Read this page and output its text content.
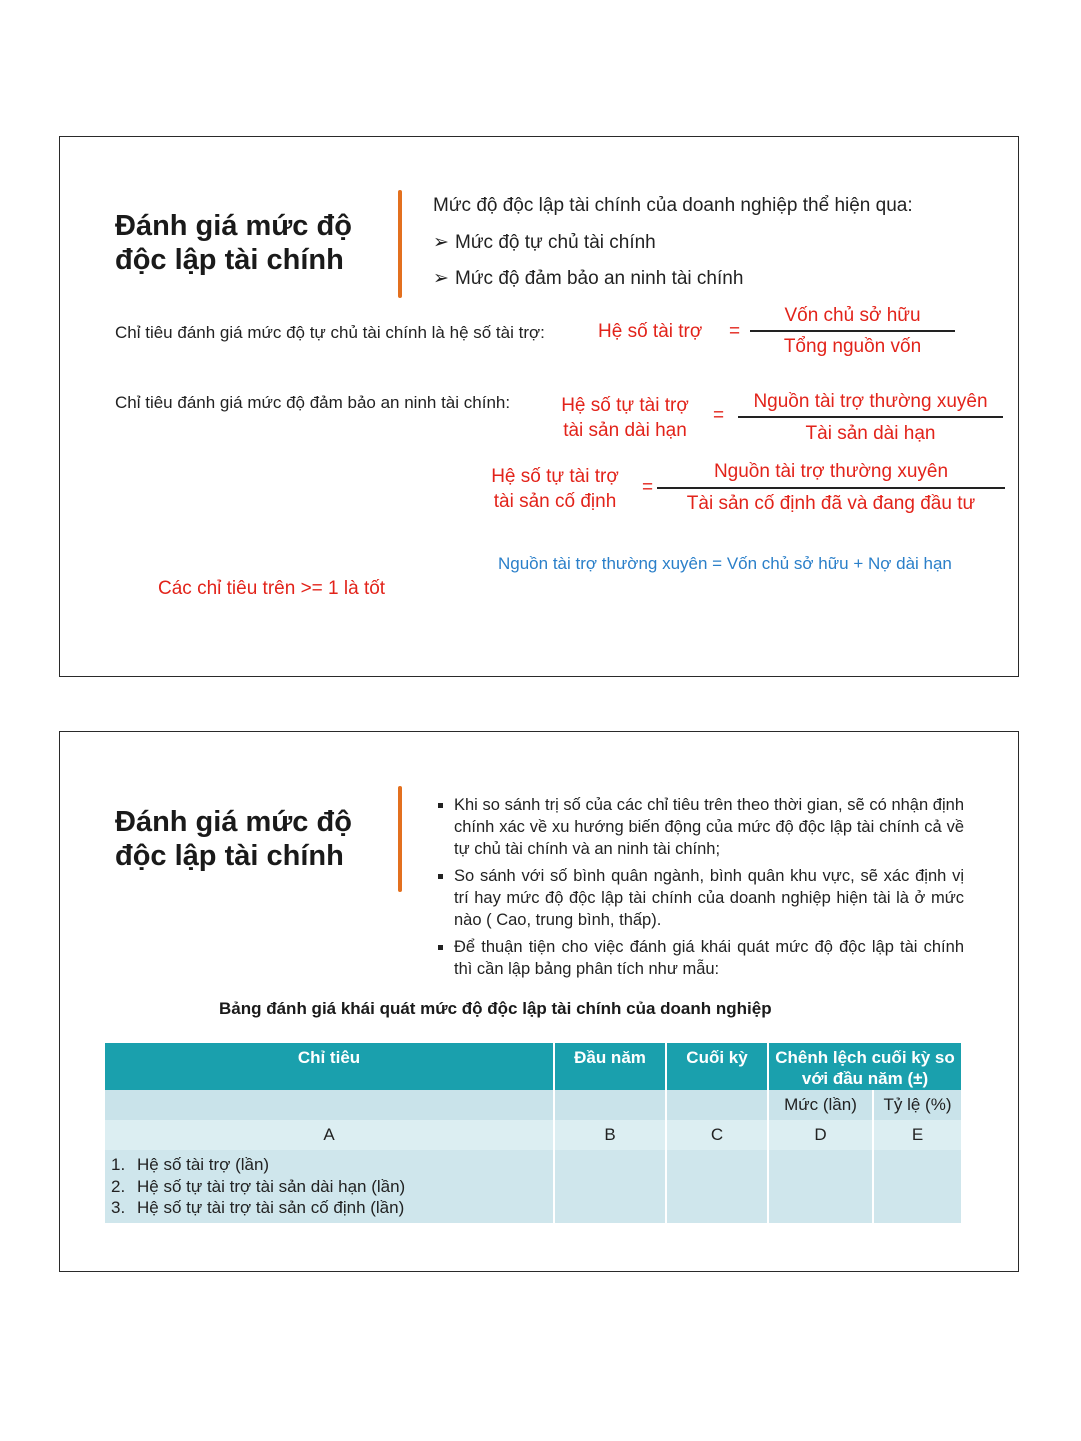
Đánh giá mức độ độc lập tài chính
Mức độ độc lập tài chính của doanh nghiệp thể hiện qua:
➢ Mức độ tự chủ tài chính
➢ Mức độ đảm bảo an ninh tài chính
Chỉ tiêu đánh giá mức độ tự chủ tài chính là hệ số tài trợ:	Hệ số tài trợ =
Vốn chủ sở hữu
Tổng nguồn vốn
Chỉ tiêu đánh giá mức độ đảm bảo an ninh tài chính:	Hệ số tự tài trợ
tài sản dài hạn
=
Nguồn tài trợ thường xuyên
Tài sản dài hạn
Hệ số tự tài trợ
tài sản cố định
=
Nguồn tài trợ thường xuyên
Tài sản cố định đã và đang đầu tư
Nguồn tài trợ thường xuyên = Vốn chủ sở hữu + Nợ dài hạn
Các chỉ tiêu trên >= 1 là tốt
Đánh giá mức độ độc lập tài chính
▪ Khi so sánh trị số của các chỉ tiêu trên theo thời gian, sẽ có nhận định chính xác về xu hướng biến động của mức độ độc lập tài chính cả về tự chủ tài chính và an ninh tài chính;
▪ So sánh với số bình quân ngành, bình quân khu vực, sẽ xác định vị trí hay mức độ độc lập tài chính của doanh nghiệp hiện tài là ở mức nào ( Cao, trung bình, thấp).
▪ Để thuận tiện cho việc đánh giá khái quát mức độ độc lập tài chính thì cần lập bảng phân tích như mẫu:
Bảng đánh giá khái quát mức độ độc lập tài chính của doanh nghiệp
Chỉ tiêu	Đầu năm	Cuối kỳ	Chênh lệch cuối kỳ so với đầu năm (±)	
			Mức (lần)	Tỷ lệ (%)
A	B	C	D	E

1. Hệ số tài trợ (lần)
2. Hệ số tự tài trợ tài sản dài hạn (lần)
3. Hệ số tự tài trợ tài sản cố định (lần)				
